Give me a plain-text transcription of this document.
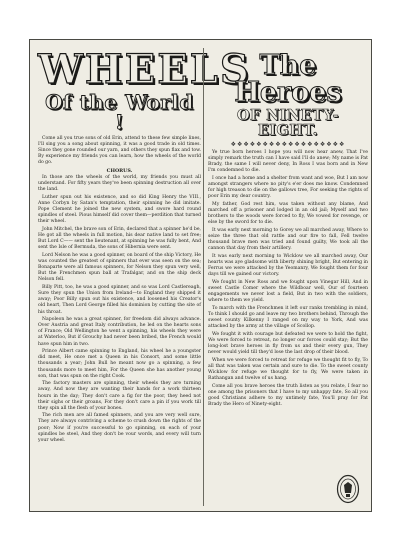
WHEELS
Of the World !

Come all you true sons of old Erin, attend to these few simple lines, I'll sing you a song about spinning, it was a good trade in old times. Since they gone rounded our yarn, and others they spun flax and tow. By experience my friends you can learn, how the wheels of the world do go.

CHORUS.

In those are the wheels of the world, my friends you must all understand. For fifty years they've been spinning destruction all over the land.

Luther spun out his existence, and so did King Henry the VIII., Anne Corbyn by Satan's temptation, their spinning he did imitate. Pope Clement he joined the new system, and swore hard round spindles of steel. Pious himself did cover them—perdition that turned their wheel.

John Mitchel, the brave son of Erin, declared that a spinner he'd be, He got all the wheels in full motion, his dear native land to set free; But Lord C—— sent the lieutenant, at spinning he was fully bent, And sent the Isle of Bermuda, the sons of Hibernia were sent.

Lord Nelson he was a good spinner, on board of the ship Victory, He was counted the greatest of spinners that ever was seen on the sea; Bonaparte were all famous spinners, for Nelson they spun very well, But the Frenchmen spun ball at Trafalgar, and on the ship deck Nelson fell.

Billy Pitt, too, he was a good spinner, and so was Lord Castlereagh, Sure they spun the Union from Ireland—to England they shipped it away; Poor Billy spun out his existence, and loosened his Creator's old heart, Then Lord George filled his dominion by cutting the site of his throat.

Napoleon he was a great spinner, for freedom did always advance. Over Austria and great Italy contribution, he led on the hearts sons of France; Old Wellington he went a spinning, his wheels they were at Waterloo, But if Grouchy had never been bribed, the French would have spun him in two.

Prince Albert came spinning to England, his wheel he a youngster did meet, He once met a Queen in his Consort, and some little thousands a year; John Bull he meant now go a spinning, a few thousands more to meet him, For the Queen she has another young son, that was spun on the right Cook.

The factory masters are spinning, their wheels they are turning away, And now they are wanting their hands for a work thirteen hours in the day; They don't care a fig for the poor, they heed not their sighs or their groans, For they don't care a pin if you work till they spin all the flesh of your bones.

The rich men are all famed spinners, and you are very well sure, They are always contriving a scheme to crush down the rights of the poor; Now if you're successful to go spinning, on each of your spindles be steel, And they don't be vour words, and every will turn your wheel.

The Heroes
OF NINETY-EIGHT.
❖❖❖❖❖❖❖❖❖❖❖❖❖❖❖❖❖❖

Ye true born heroes I hope you will now hear anew, That I've simply remark the truth can I have said I'll do anew; My name is Pat Brady, the same I will never deny, In Ross I was born and in New I'm condemned to die.

I once had a home and a shelter from want and woe, But I am now amongst strangers where no pity's e'er does me know. Condemned for high treason to die on the gallows tree, For seeking the rights of poor Erin my dear country.

My father, God rest him, was taken without any blame, And marched off a prisoner and lodged in an old jail; Myself and two brothers to the woods were forced to fly, We vowed for revenge, or else by the sword for to die.

It was early next morning to Gorey we all marched away, Where to seize the three that old rattle and our fire to fall, Fell twelve thousand brave men was tried and found guilty, We took all the cannon that day from their artillery.

It was early next morning to Wicklow we all marched away, Our hearts was aye gladsome with liberty shining bright, But entering in Ferrus we were attacked by the Yeomanry, We fought them for four days till we gained our victory.

We fought in New Ross and we fought upon Vinegar Hill, And in sweet Castle Comer where the Wildboar well, Our of fourteen engagements we never lost a field, But in two with the soldiers, where to them we yield.

To march with the Frenchmen it left our ranks trembling in mind, To think I should go and leave my two brothers behind, Through the sweet county Kilkenny I ranged on my way to York, And was attacked by the army at the village of Scollop.

We fought it with courage but defeated we were to hold the fight, We were forced to retreat, no longer our forces could stay; But the long-lost brave heroes in fly from us and their every gun, They never would yield till they'd lose the last drop of their blood.

When we were forced to retreat for refuge we thought fit to fly, To all that was taken was certain and sure to die. To the sweet county Wicklow for refuge we thought for to fly, We were taken in Rathangan and twelve of us hang.

Come all you brave heroes the truth listen as you relate, I fear no one among the prisoners that I have to my unhappy fate, So all you good Christians adhere to my untimely fate, You'll pray for Pat Brady the Hero of Ninety-eight.
